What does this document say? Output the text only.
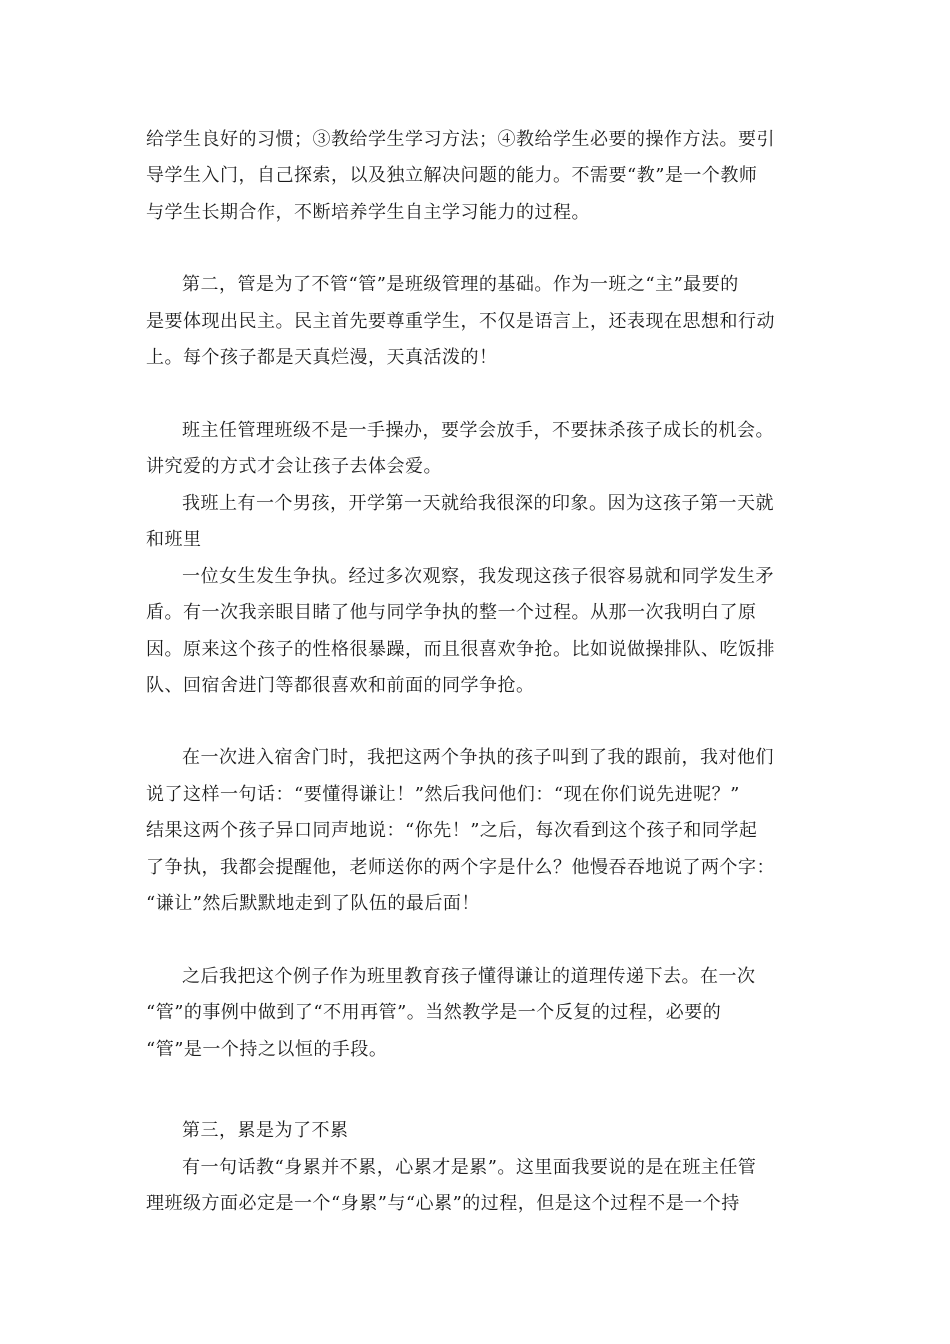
给学生良好的习惯；③教给学生学习方法；④教给学生必要的操作方法。要引
导学生入门，自己探索，以及独立解决问题的能力。不需要“教”是一个教师
与学生长期合作，不断培养学生自主学习能力的过程。
第二，管是为了不管“管”是班级管理的基础。作为一班之“主”最要的
是要体现出民主。民主首先要尊重学生，不仅是语言上，还表现在思想和行动
上。每个孩子都是天真烂漫，天真活泼的！
班主任管理班级不是一手操办，要学会放手，不要抹杀孩子成长的机会。
讲究爱的方式才会让孩子去体会爱。
我班上有一个男孩，开学第一天就给我很深的印象。因为这孩子第一天就
和班里
一位女生发生争执。经过多次观察，我发现这孩子很容易就和同学发生矛
盾。有一次我亲眼目睹了他与同学争执的整一个过程。从那一次我明白了原
因。原来这个孩子的性格很暴躁，而且很喜欢争抢。比如说做操排队、吃饭排
队、回宿舍进门等都很喜欢和前面的同学争抢。
在一次进入宿舍门时，我把这两个争执的孩子叫到了我的跟前，我对他们
说了这样一句话：“要懂得谦让！”然后我问他们：“现在你们说先进呢？”
结果这两个孩子异口同声地说：“你先！”之后，每次看到这个孩子和同学起
了争执，我都会提醒他，老师送你的两个字是什么？他慢吞吞地说了两个字：
“谦让”然后默默地走到了队伍的最后面！
之后我把这个例子作为班里教育孩子懂得谦让的道理传递下去。在一次
“管”的事例中做到了“不用再管”。当然教学是一个反复的过程，必要的
“管”是一个持之以恒的手段。
第三，累是为了不累
有一句话教“身累并不累，心累才是累”。这里面我要说的是在班主任管
理班级方面必定是一个“身累”与“心累”的过程，但是这个过程不是一个持
